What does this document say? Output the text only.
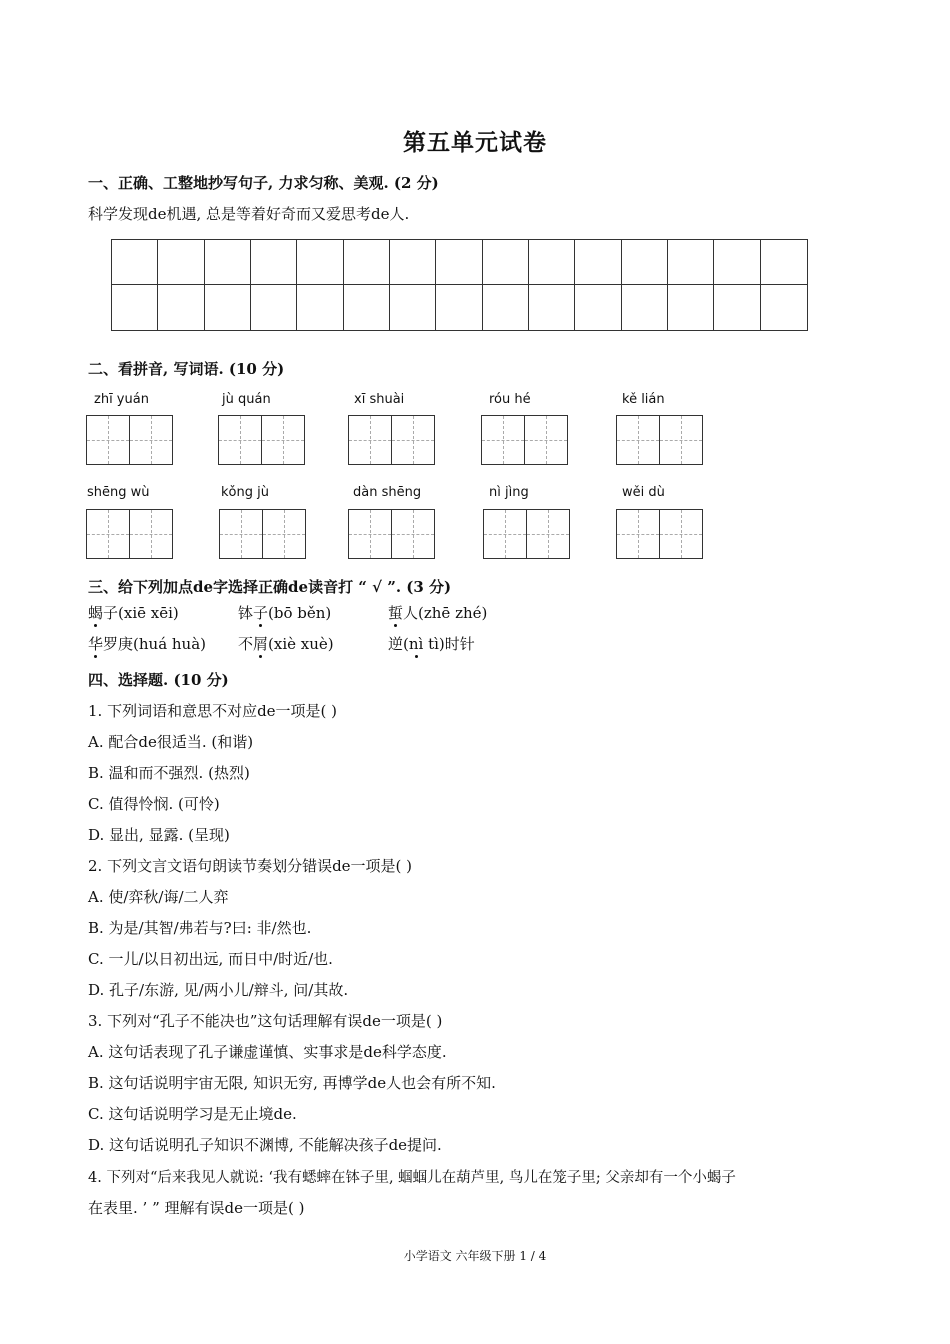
第五单元试卷
一、正确、工整地抄写句子, 力求匀称、美观. (2 分)
科学发现de机遇, 总是等着好奇而又爱思考de人.
二、看拼音, 写词语. (10 分)
zhī yuán	jù quán	xī shuài	róu hé	kě lián
shēng wù	kǒng jù	dàn shēng	nì jìng	wěi dù
三、给下列加点de字选择正确de读音打 “ √ ”. (3 分)
蝎子(xiē xēi)	钵子(bō běn)	蜇人(zhē zhé)
华罗庚(huá huà) 不屑(xiè xuè)	逆(nì tì)时针
四、选择题. (10 分)
1. 下列词语和意思不对应de一项是( )
A. 配合de很适当. (和谐)
B. 温和而不强烈. (热烈)
C. 值得怜悯. (可怜)
D. 显出, 显露. (呈现)
2. 下列文言文语句朗读节奏划分错误de一项是( )
A. 使/弈秋/诲/二人弈
B. 为是/其智/弗若与?曰: 非/然也.
C. 一儿/以日初出远, 而日中/时近/也.
D. 孔子/东游, 见/两小儿/辩斗, 问/其故.
3. 下列对“孔子不能决也”这句话理解有误de一项是( )
A. 这句话表现了孔子谦虚谨慎、实事求是de科学态度.
B. 这句话说明宇宙无限, 知识无穷, 再博学de人也会有所不知.
C. 这句话说明学习是无止境de.
D. 这句话说明孔子知识不渊博, 不能解决孩子de提问.
4. 下列对“后来我见人就说: ‘我有蟋蟀在钵子里, 蝈蝈儿在葫芦里, 鸟儿在笼子里; 父亲却有一个小蝎子
在表里. ’ ” 理解有误de一项是( )
小学语文 六年级下册 1 / 4
